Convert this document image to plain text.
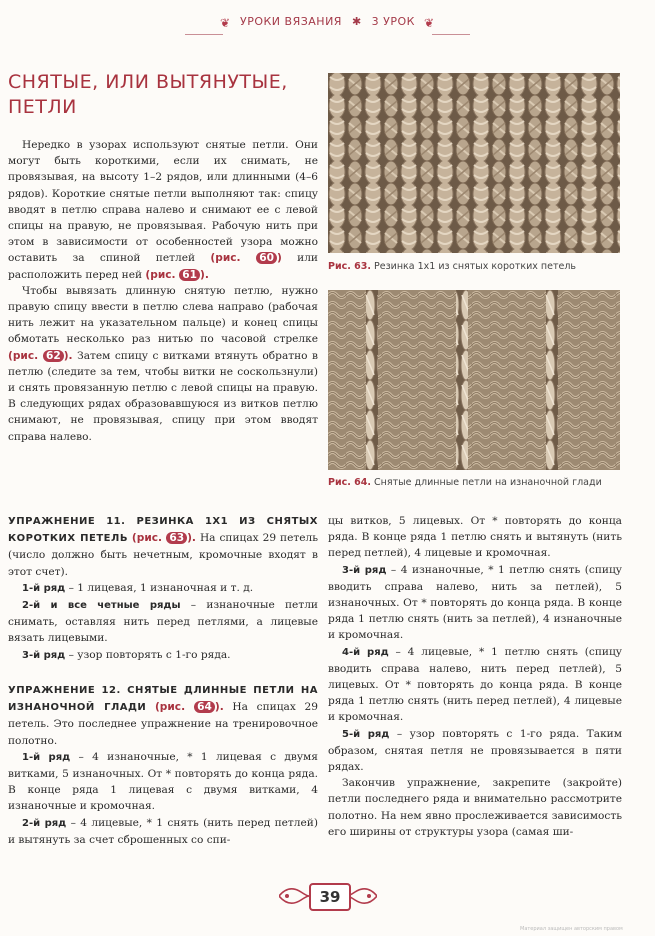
❦ УРОКИ ВЯЗАНИЯ ✱ 3 УРОК ❦
СНЯТЫЕ, ИЛИ ВЫТЯНУТЫЕ, ПЕТЛИ

Нередко в узорах используют снятые петли. Они могут быть короткими, если их снимать, не провязывая, на высоту 1–2 рядов, или длинными (4–6 рядов). Короткие снятые петли выполняют так: спицу вводят в петлю справа налево и снимают ее с левой спицы на правую, не провязывая. Рабочую нить при этом в зависимости от особенностей узора можно оставить за спиной петлей (рис. 60 ) или расположить перед ней (рис. 61 ).

Чтобы вывязать длинную снятую петлю, нужно правую спицу ввести в петлю слева направо (рабочая нить лежит на указательном пальце) и конец спицы обмотать несколько раз нитью по часовой стрелке (рис. 62 ). Затем спицу с витками втянуть обратно в петлю (следите за тем, чтобы витки не соскользнули) и снять провязанную петлю с левой спицы на правую. В следующих рядах образовавшуюся из витков петлю снимают, не провязывая, спицу при этом вводят справа налево.

УПРАЖНЕНИЕ 11. РЕЗИНКА 1Х1 ИЗ СНЯТЫХ КОРОТКИХ ПЕТЕЛЬ (рис. 63 ). На спицах 29 петель (число должно быть нечетным, кромочные входят в этот счет).

1-й ряд – 1 лицевая, 1 изнаночная и т. д.

2-й и все четные ряды – изнаночные петли снимать, оставляя нить перед петлями, а лицевые вязать лицевыми.

3-й ряд – узор повторять с 1-го ряда.

УПРАЖНЕНИЕ 12. СНЯТЫЕ ДЛИННЫЕ ПЕТЛИ НА ИЗНАНОЧНОЙ ГЛАДИ (рис. 64 ). На спицах 29 петель. Это последнее упражнение на тренировочное полотно.

1-й ряд – 4 изнаночные, * 1 лицевая с двумя витками, 5 изнаночных. От * повторять до конца ряда. В конце ряда 1 лицевая с двумя витками, 4 изнаночные и кромочная.

2-й ряд – 4 лицевые, * 1 снять (нить перед петлей) и вытянуть за счет сброшенных со спи-

Рис. 63. Резинка 1х1 из снятых коротких петель
Рис. 64. Снятые длинные петли на изнаночной глади

цы витков, 5 лицевых. От * повторять до конца ряда. В конце ряда 1 петлю снять и вытянуть (нить перед петлей), 4 лицевые и кромочная.

3-й ряд – 4 изнаночные, * 1 петлю снять (спицу вводить справа налево, нить за петлей), 5 изнаночных. От * повторять до конца ряда. В конце ряда 1 петлю снять (нить за петлей), 4 изнаночные и кромочная.

4-й ряд – 4 лицевые, * 1 петлю снять (спицу вводить справа налево, нить перед петлей), 5 лицевых. От * повторять до конца ряда. В конце ряда 1 петлю снять (нить перед петлей), 4 лицевые и кромочная.

5-й ряд – узор повторять с 1-го ряда. Таким образом, снятая петля не провязывается в пяти рядах.

Закончив упражнение, закрепите (закройте) петли последнего ряда и внимательно рассмотрите полотно. На нем явно прослеживается зависимость его ширины от структуры узора (самая ши-

39
Материал защищен авторским правом
